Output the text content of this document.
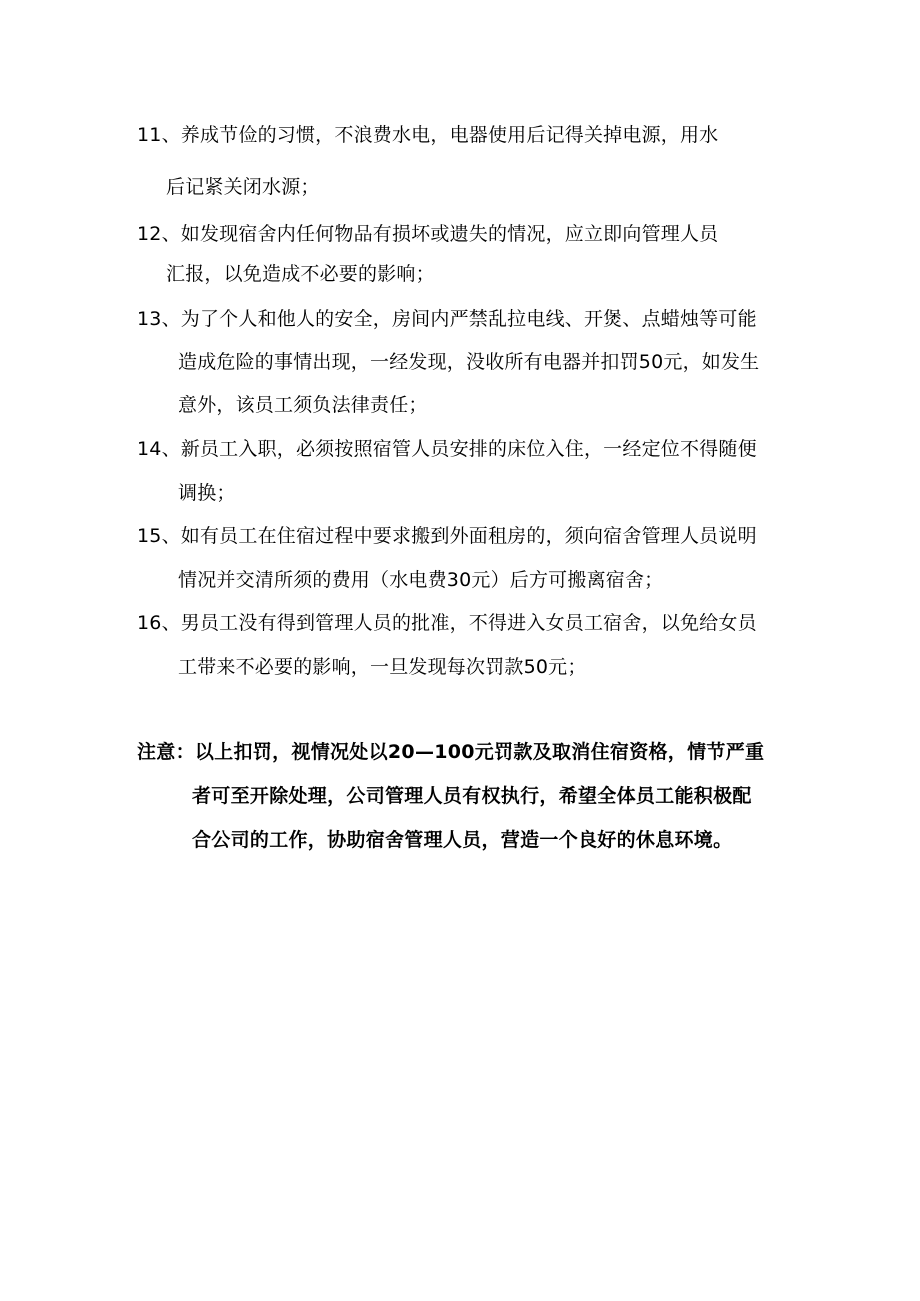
11、养成节俭的习惯，不浪费水电，电器使用后记得关掉电源，用水
后记紧关闭水源；
12、如发现宿舍内任何物品有损坏或遗失的情况，应立即向管理人员
汇报，以免造成不必要的影响；
13、为了个人和他人的安全，房间内严禁乱拉电线、开煲、点蜡烛等可能
造成危险的事情出现，一经发现，没收所有电器并扣罚50元，如发生
意外，该员工须负法律责任；
14、新员工入职，必须按照宿管人员安排的床位入住，一经定位不得随便
调换；
15、如有员工在住宿过程中要求搬到外面租房的，须向宿舍管理人员说明
情况并交清所须的费用（水电费30元）后方可搬离宿舍；
16、男员工没有得到管理人员的批准，不得进入女员工宿舍，以免给女员
工带来不必要的影响，一旦发现每次罚款50元；
注意：以上扣罚，视情况处以20—100元罚款及取消住宿资格，情节严重
者可至开除处理，公司管理人员有权执行，希望全体员工能积极配
合公司的工作，协助宿舍管理人员，营造一个良好的休息环境。
